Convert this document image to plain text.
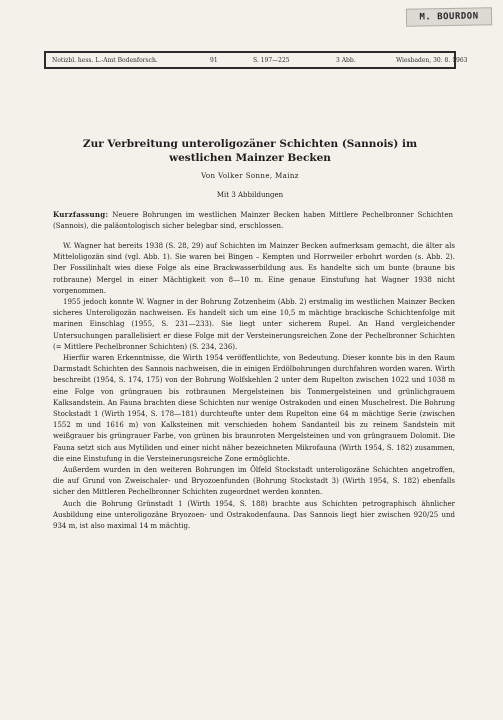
M. BOURDON
Notizbl. hess. L.-Amt Bodenforsch.	91	S. 197—225	3 Abb.	Wiesbaden, 30. 8. 1963
Zur Verbreitung unteroligozäner Schichten (Sannois) im
westlichen Mainzer Becken
Von Volker Sonne, Mainz
Mit 3 Abbildungen
Kurzfassung: Neuere Bohrungen im westlichen Mainzer Becken haben Mittlere Pechelbronner Schichten (Sannois), die paläontologisch sicher belegbar sind, erschlossen.

W. Wagner hat bereits 1938 (S. 28, 29) auf Schichten im Mainzer Becken aufmerksam gemacht, die älter als Mitteloligozän sind (vgl. Abb. 1). Sie waren bei Bingen – Kempten und Horrweiler erbohrt worden (s. Abb. 2). Der Fossilinhalt wies diese Folge als eine Brackwasserbildung aus. Es handelte sich um bunte (braune bis rotbraune) Mergel in einer Mächtigkeit von 8—10 m. Eine genaue Einstufung hat Wagner 1938 nicht vorgenommen.

1955 jedoch konnte W. Wagner in der Bohrung Zotzenheim (Abb. 2) erstmalig im westlichen Mainzer Becken sicheres Unteroligozän nachweisen. Es handelt sich um eine 10,5 m mächtige brackische Schichtenfolge mit marinen Einschlag (1955, S. 231—233). Sie liegt unter sicherem Rupel. An Hand vergleichender Untersuchungen parallelisiert er diese Folge mit der Versteinerungsreichen Zone der Pechelbronner Schichten (= Mittlere Pechelbronner Schichten) (S. 234, 236).

Hierfür waren Erkenntnisse, die Wirth 1954 veröffentlichte, von Bedeutung. Dieser konnte bis in den Raum Darmstadt Schichten des Sannois nachweisen, die in einigen Erdölbohrungen durchfahren worden waren. Wirth beschreibt (1954, S. 174, 175) von der Bohrung Wolfskehlen 2 unter dem Rupelton zwischen 1022 und 1038 m eine Folge von grüngrauen bis rotbraunen Mergelsteinen bis Tonmergelsteinen und grünlichgrauem Kalksandstein. An Fauna brachten diese Schichten nur wenige Ostrakoden und einen Muschelrest. Die Bohrung Stockstadt 1 (Wirth 1954, S. 178—181) durchteufte unter dem Rupelton eine 64 m mächtige Serie (zwischen 1552 m und 1616 m) von Kalksteinen mit verschieden hohem Sandanteil bis zu reinem Sandstein mit weißgrauer bis grüngrauer Farbe, von grünen bis braunroten Mergelsteinen und von grüngrauem Dolomit. Die Fauna setzt sich aus Mytiliden und einer nicht näher bezeichneten Mikrofauna (Wirth 1954, S. 182) zusammen, die eine Einstufung in die Versteinerungsreiche Zone ermöglichte.

Außerdem wurden in den weiteren Bohrungen im Ölfeld Stockstadt unteroligozäne Schichten angetroffen, die auf Grund von Zweischaler- und Bryozoenfunden (Bohrung Stockstadt 3) (Wirth 1954, S. 182) ebenfalls sicher den Mittleren Pechelbronner Schichten zugeordnet werden konnten.

Auch die Bohrung Grünstadt 1 (Wirth 1954, S. 188) brachte aus Schichten petrographisch ähnlicher Ausbildung eine unteroligozäne Bryozoen- und Ostrakodenfauna. Das Sannois liegt hier zwischen 920/25 und 934 m, ist also maximal 14 m mächtig.
